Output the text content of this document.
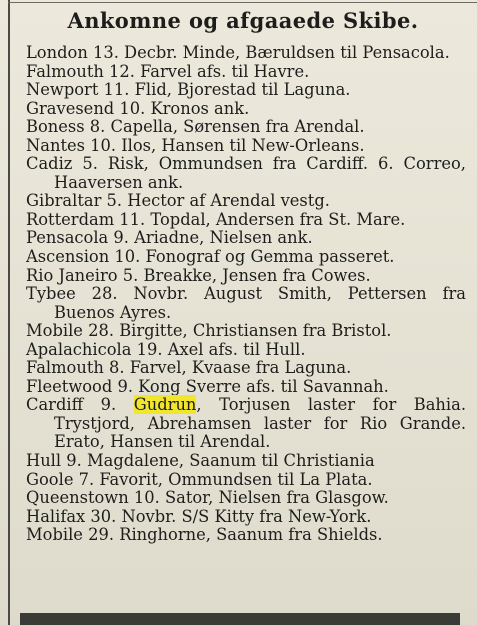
Ankomne og afgaaede Skibe.
London 13. Decbr. Minde, Bæruldsen til Pensacola.
Falmouth 12. Farvel afs. til Havre.
Newport 11. Flid, Bjorestad til Laguna.
Gravesend 10. Kronos ank.
Boness 8. Capella, Sørensen fra Arendal.
Nantes 10. Ilos, Hansen til New-Orleans.
Cadiz 5. Risk, Ommundsen fra Cardiff. 6. Correo, Haaversen ank.
Gibraltar 5. Hector af Arendal vestg.
Rotterdam 11. Topdal, Andersen fra St. Mare.
Pensacola 9. Ariadne, Nielsen ank.
Ascension 10. Fonograf og Gemma passeret.
Rio Janeiro 5. Breakke, Jensen fra Cowes.
Tybee 28. Novbr. August Smith, Pettersen fra Buenos Ayres.
Mobile 28. Birgitte, Christiansen fra Bristol.
Apalachicola 19. Axel afs. til Hull.
Falmouth 8. Farvel, Kvaase fra Laguna.
Fleetwood 9. Kong Sverre afs. til Savannah.
Cardiff 9. Gudrun, Torjusen laster for Bahia. Trystjord, Abrehamsen laster for Rio Grande. Erato, Hansen til Arendal.
Hull 9. Magdalene, Saanum til Christiania
Goole 7. Favorit, Ommundsen til La Plata.
Queenstown 10. Sator, Nielsen fra Glasgow.
Halifax 30. Novbr. S/S Kitty fra New-York.
Mobile 29. Ringhorne, Saanum fra Shields.
